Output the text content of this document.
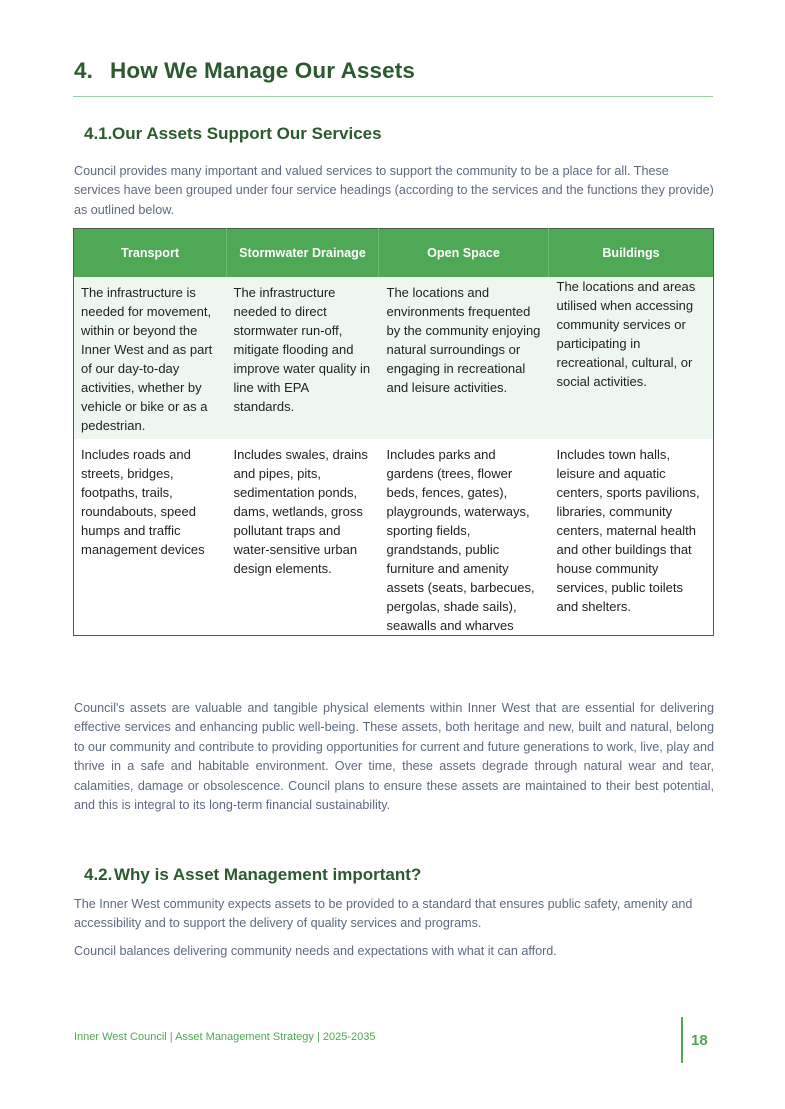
4. How We Manage Our Assets
4.1.Our Assets Support Our Services

Council provides many important and valued services to support the community to be a place for all. These services have been grouped under four service headings (according to the services and the functions they provide) as outlined below.

Transport	Stormwater Drainage	Open Space	Buildings
The infrastructure is needed for movement, within or beyond the Inner West and as part of our day-to-day activities, whether by vehicle or bike or as a pedestrian.	The infrastructure needed to direct stormwater run-off, mitigate flooding and improve water quality in line with EPA standards.	The locations and environments frequented by the community enjoying natural surroundings or engaging in recreational and leisure activities.	The locations and areas utilised when accessing community services or participating in recreational, cultural, or social activities.
Includes roads and streets, bridges, footpaths, trails, roundabouts, speed humps and traffic management devices	Includes swales, drains and pipes, pits, sedimentation ponds, dams, wetlands, gross pollutant traps and water-sensitive urban design elements.	Includes parks and gardens (trees, flower beds, fences, gates), playgrounds, waterways, sporting fields, grandstands, public furniture and amenity assets (seats, barbecues, pergolas, shade sails), seawalls and wharves	Includes town halls, leisure and aquatic centers, sports pavilions, libraries, community centers, maternal health and other buildings that house community services, public toilets and shelters.

Council's assets are valuable and tangible physical elements within Inner West that are essential for delivering effective services and enhancing public well-being. These assets, both heritage and new, built and natural, belong to our community and contribute to providing opportunities for current and future generations to work, live, play and thrive in a safe and habitable environment. Over time, these assets degrade through natural wear and tear, calamities, damage or obsolescence. Council plans to ensure these assets are maintained to their best potential, and this is integral to its long-term financial sustainability.

4.2.Why is Asset Management important?

The Inner West community expects assets to be provided to a standard that ensures public safety, amenity and accessibility and to support the delivery of quality services and programs.

Council balances delivering community needs and expectations with what it can afford.

Inner West Council | Asset Management Strategy | 2025-2035	18
